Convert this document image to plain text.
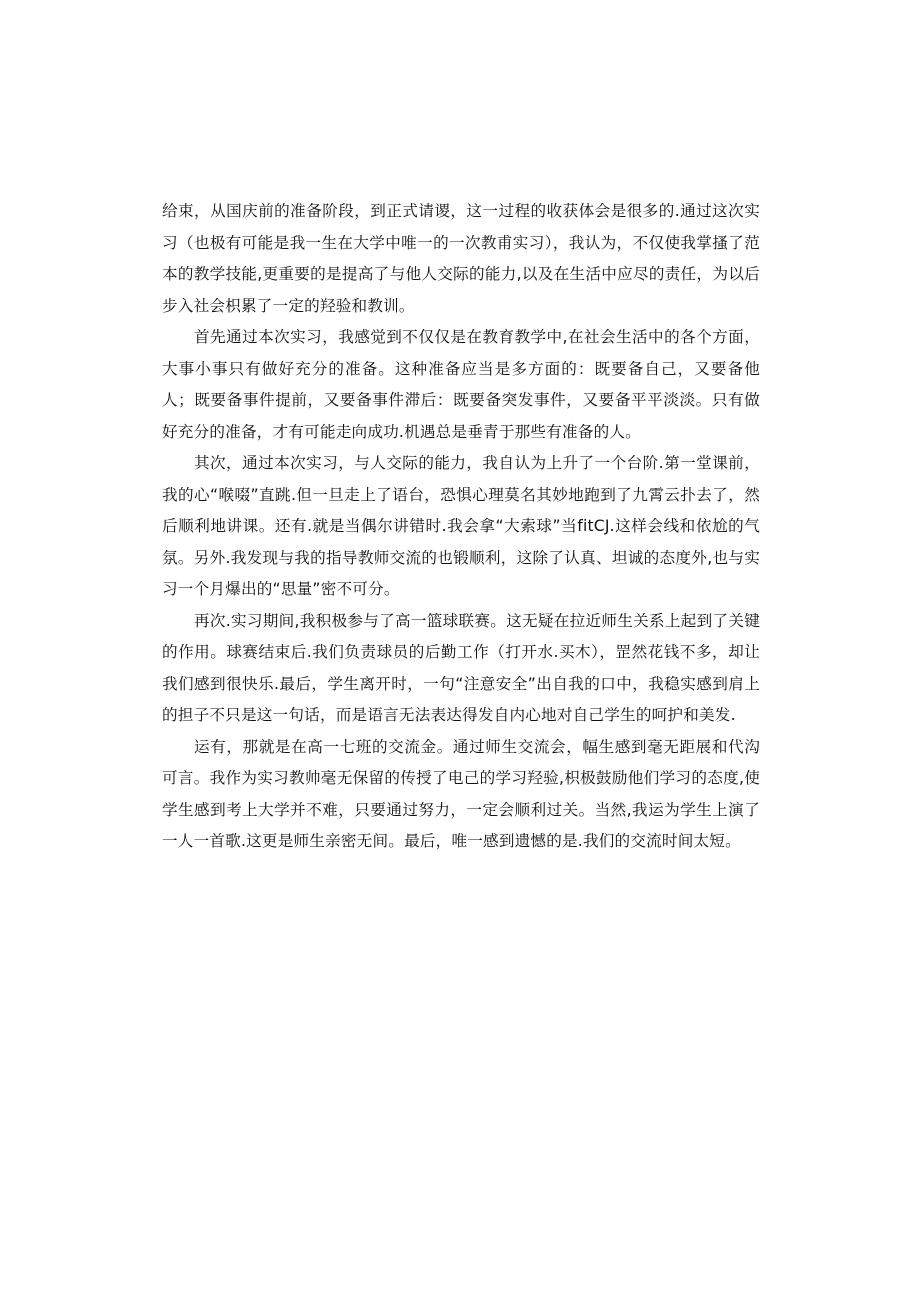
给束，从国庆前的准备阶段，到正式请谡，这一过程的收获体会是很多的.通过这次实习（也极有可能是我一生在大学中唯一的一次教甫实习），我认为，不仅使我掌搔了范本的教学技能,更重要的是提高了与他人交际的能力,以及在生活中应尽的责任，为以后步入社会枳累了一定的羟验和教训。

首先通过本次实习，我感觉到不仅仅是在教育教学中,在社会生活中的各个方面，大事小事只有做好充分的准备。这种准备应当是多方面的：既要备自己，又要备他人；既要备事件提前，又要备事件滞后：既要备突发事件，又要备平平淡淡。只有做好充分的准备，才有可能走向成功.机遇总是垂青于那些有准备的人。

其次，通过本次实习，与人交际的能力，我自认为上升了一个台阶.第一堂课前，我的心“喉啜”直跳.但一旦走上了语台，恐惧心理莫名其妙地跑到了九霄云扑去了，然后顺利地讲课。还有.就是当偶尔讲错时.我会拿“大索球”当fitCJ.这样会线和依尬的气氛。另外.我发现与我的指导教师交流的也锻顺利，这除了认真、坦诚的态度外,也与实习一个月爆出的“思量”密不可分。

再次.实习期间,我积极参与了高一篮球联赛。这无疑在拉近师生关系上起到了关键的作用。球赛结束后.我们负责球员的后勤工作（打开水.买木），罡然花钱不多，却让我们感到很快乐.最后，学生离开时，一句“注意安全”出自我的口中，我稳实感到肩上的担子不只是这一句话，而是语言无法表达得发自内心地对自己学生的呵护和美发.

运有，那就是在高一七班的交流金。通过师生交流会，幅生感到毫无距展和代沟可言。我作为实习教帅毫无保留的传授了电己的学习羟验,枳极鼓励他们学习的态度,使学生感到考上大学并不难，只要通过努力，一定会顺利过关。当然,我运为学生上演了一人一首歌.这更是师生亲密无间。最后，唯一感到遗憾的是.我们的交流时间太短。
